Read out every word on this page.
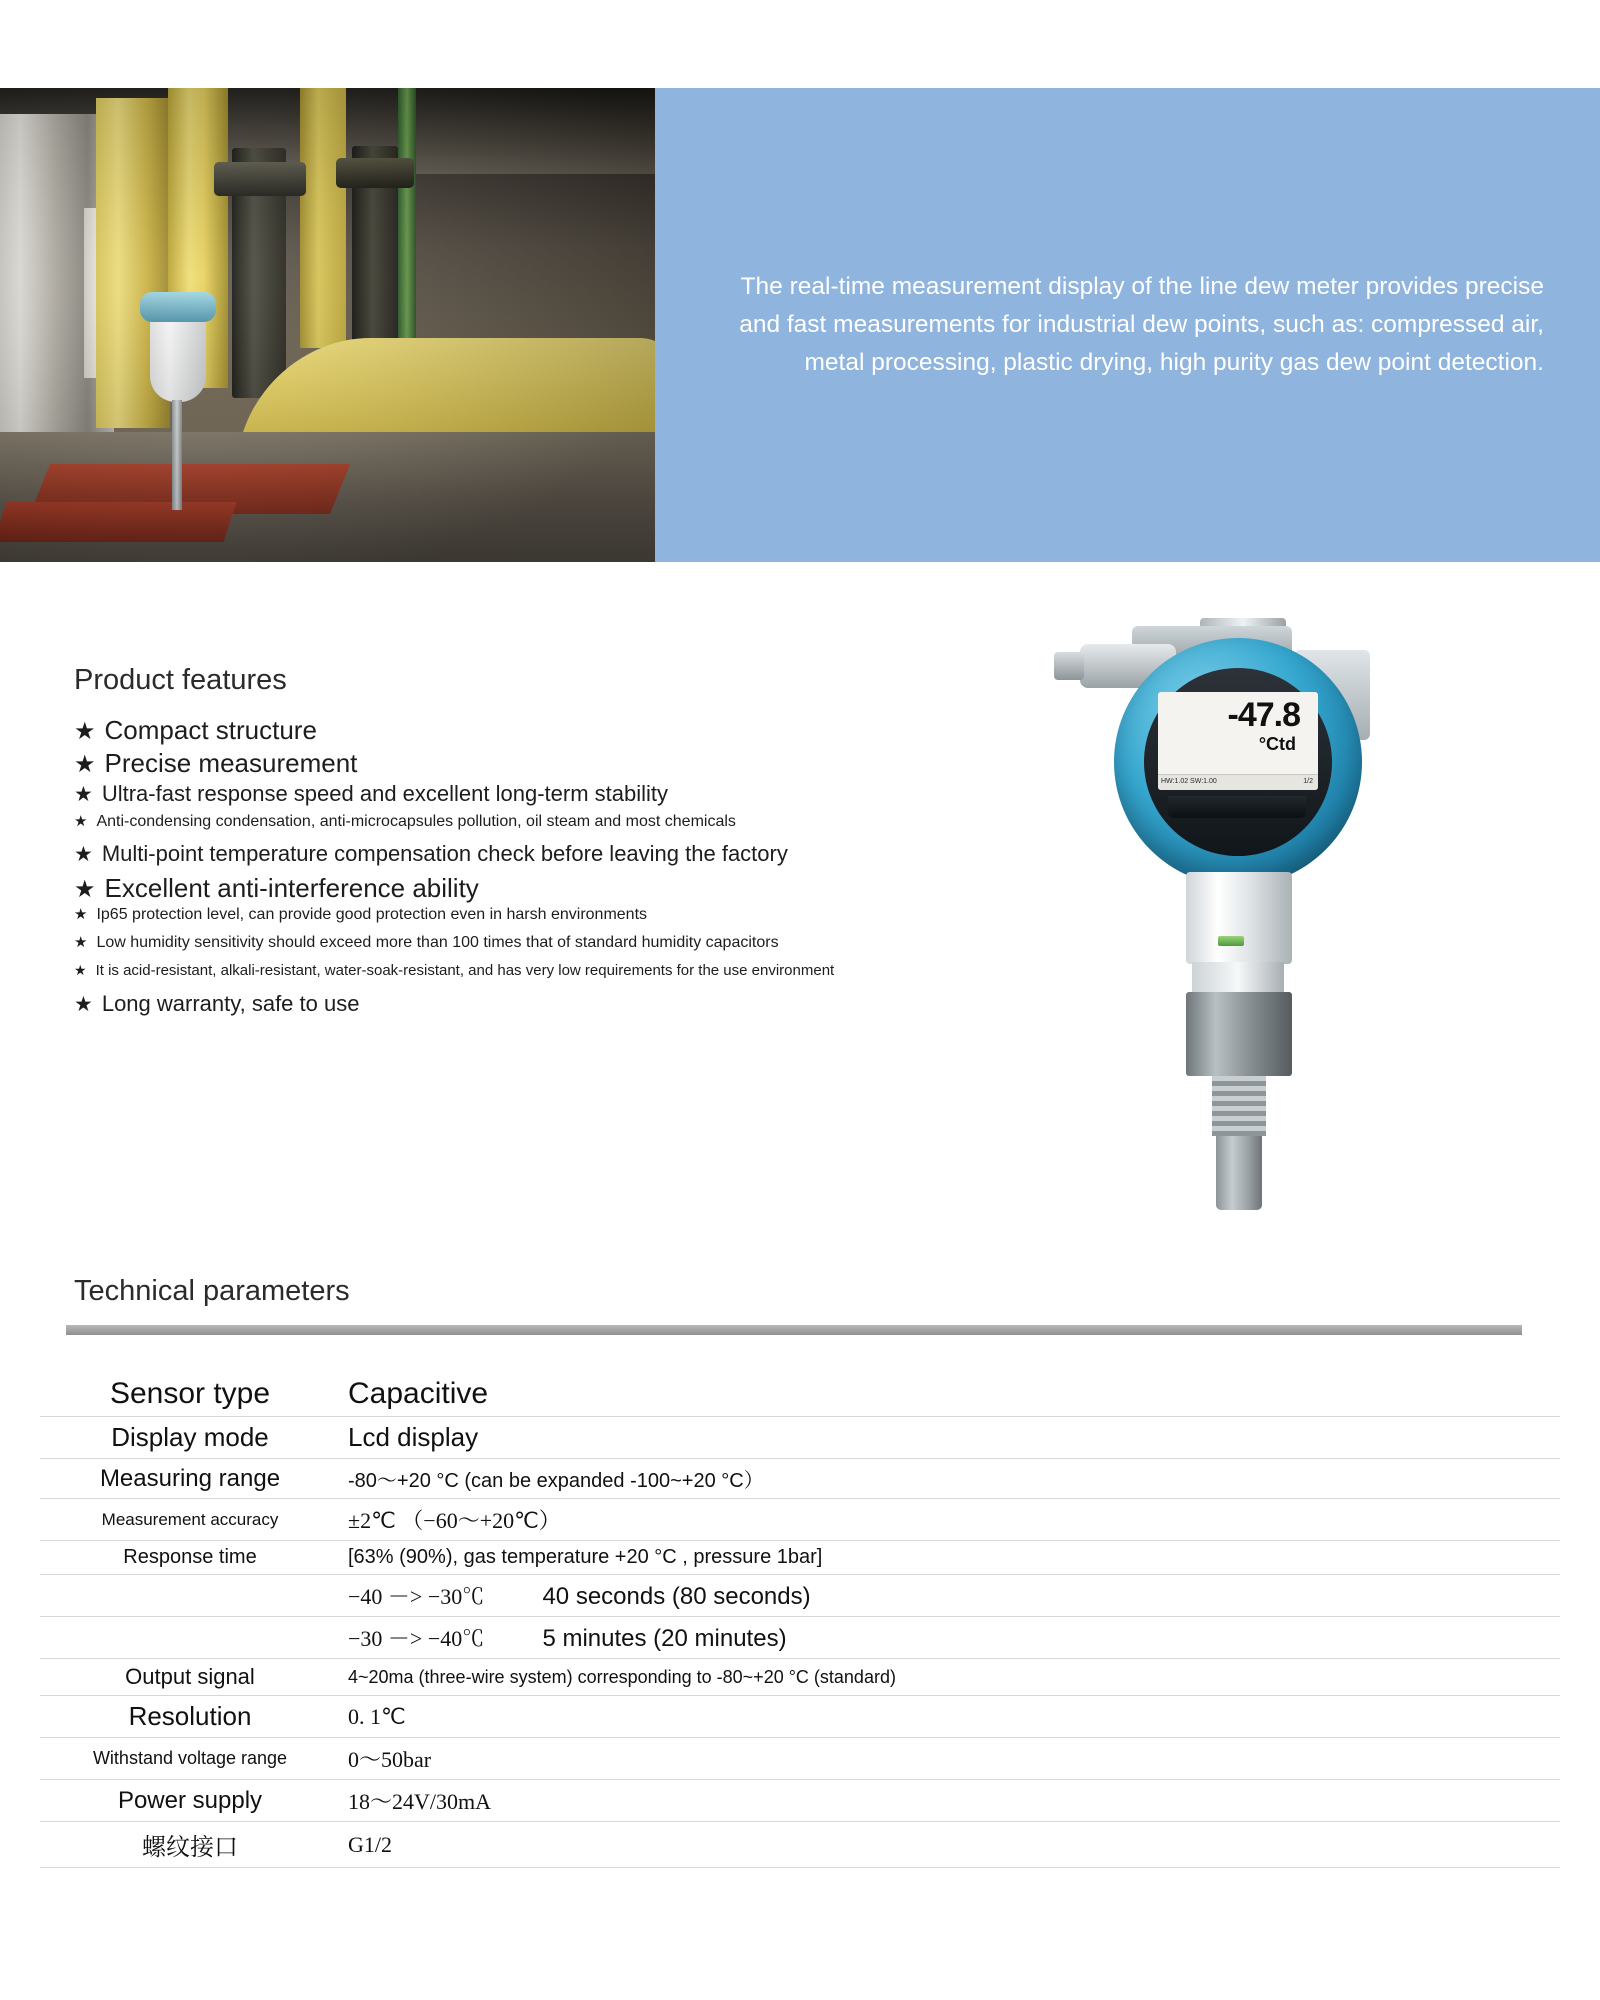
The real-time measurement display of the line dew meter provides precise and fast measurements for industrial dew points, such as: compressed air, metal processing, plastic drying, high purity gas dew point detection.

Product features
★ Compact structure
★ Precise measurement
★ Ultra-fast response speed and excellent long-term stability
★ Anti-condensing condensation, anti-microcapsules pollution, oil steam and most chemicals
★ Multi-point temperature compensation check before leaving the factory
★ Excellent anti-interference ability
★ Ip65 protection level, can provide good protection even in harsh environments
★ Low humidity sensitivity should exceed more than 100 times that of standard humidity capacitors
★ It is acid-resistant, alkali-resistant, water-soak-resistant, and has very low requirements for the use environment
★ Long warranty, safe to use
-47.8
°Ctd
HW:1.02 SW:1.00	1/2
Technical parameters
Sensor type	Capacitive
Display mode	Lcd display
Measuring range	-80〜+20 °C (can be expanded -100~+20 °C）
Measurement accuracy	±2℃ （−60〜+20℃）
Response time	[63% (90%), gas temperature +20 °C , pressure 1bar]
	−40 －> −30℃ 40 seconds (80 seconds)
	−30 －> −40℃ 5 minutes (20 minutes)
Output signal	4~20ma (three-wire system) corresponding to -80~+20 °C (standard)
Resolution	0. 1℃
Withstand voltage range	0〜50bar
Power supply	18〜24V/30mA
螺纹接口	G1/2
